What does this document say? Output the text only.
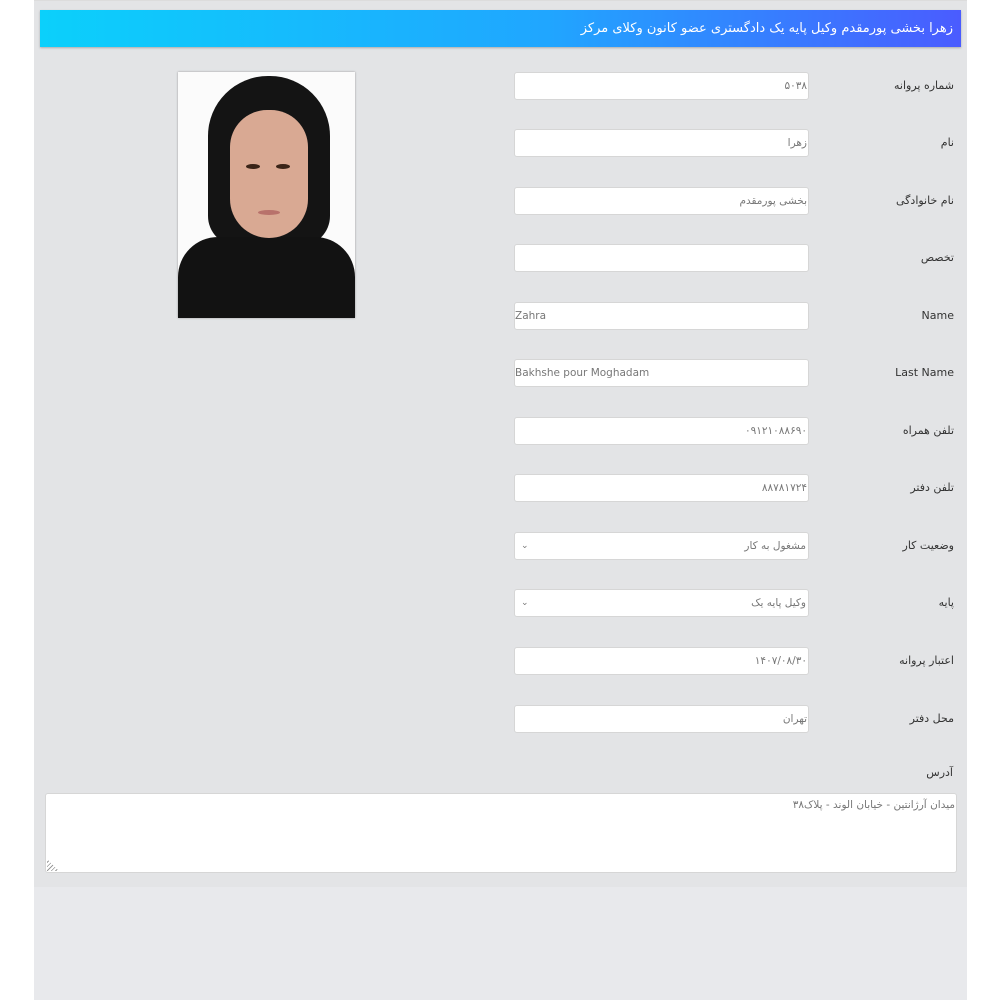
زهرا بخشی پورمقدم وکیل پایه یک دادگستری عضو کانون وکلای مرکز
شماره پروانه
۵۰۳۸
نام
زهرا
نام خانوادگی
بخشی پورمقدم
تخصص
Name
Zahra
Last Name
Bakhshe pour Moghadam
تلفن همراه
۰۹۱۲۱۰۸۸۶۹۰
تلفن دفتر
۸۸۷۸۱۷۲۴
وضعیت کار
مشغول به کار
⌄
پایه
وکیل پایه یک
⌄
اعتبار پروانه
۱۴۰۷/۰۸/۳۰
محل دفتر
تهران
آدرس
میدان آرژانتین - خیابان الوند - پلاک۳۸
